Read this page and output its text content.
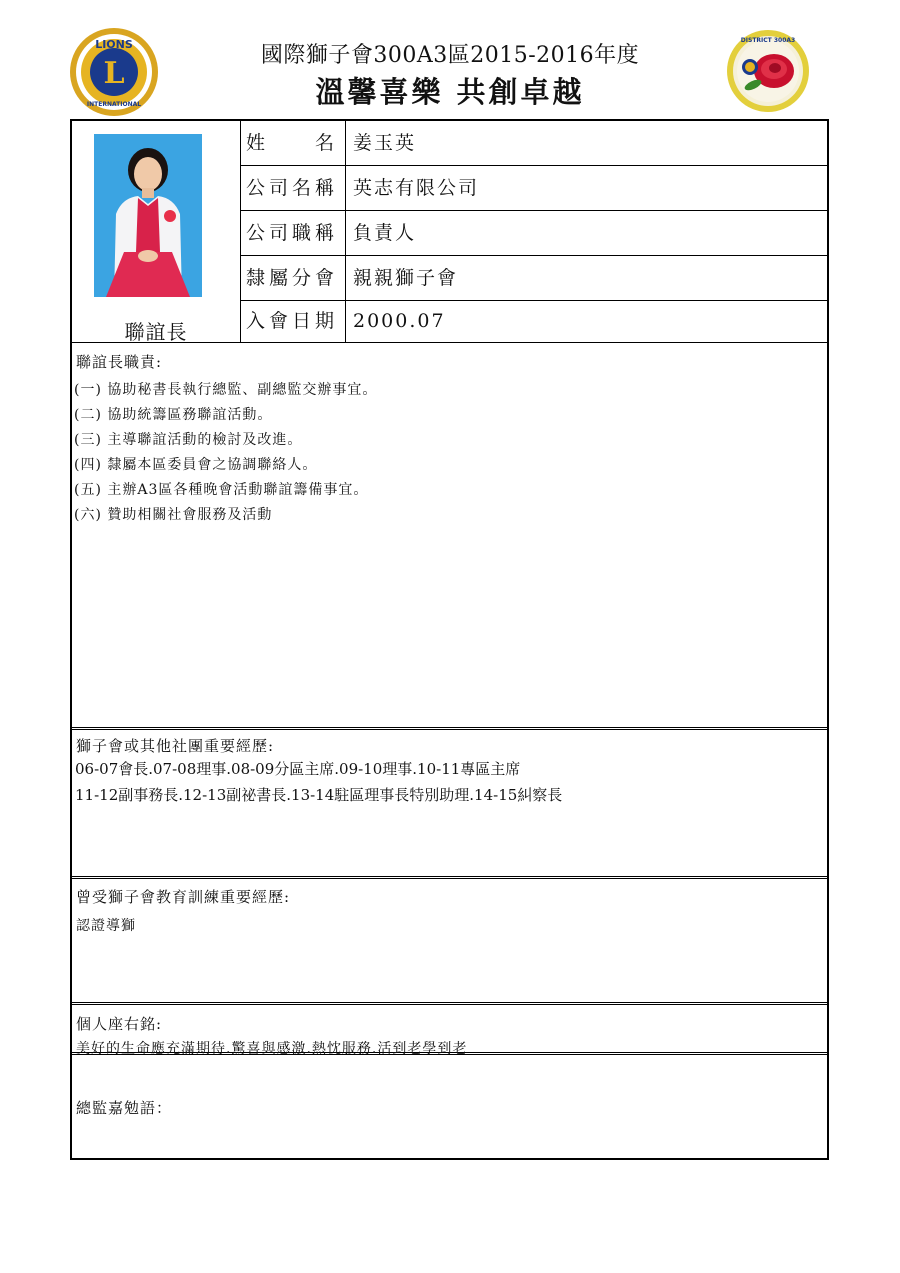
L
LIONS
INTERNATIONAL
國際獅子會300A3區2015-2016年度
溫馨喜樂 共創卓越
DISTRICT 300A3
聯誼長
姓　　名 姜玉英
公司名稱 英志有限公司
公司職稱 負責人
隸屬分會 親親獅子會
入會日期 2000.07
聯誼長職責:
(一) 協助秘書長執行總監、副總監交辦事宜。
(二) 協助統籌區務聯誼活動。
(三) 主導聯誼活動的檢討及改進。
(四) 隸屬本區委員會之協調聯絡人。
(五) 主辦A3區各種晚會活動聯誼籌備事宜。
(六) 贊助相關社會服務及活動
獅子會或其他社團重要經歷:
06-07會長.07-08理事.08-09分區主席.09-10理事.10-11專區主席
11-12副事務長.12-13副祕書長.13-14駐區理事長特別助理.14-15糾察長
曾受獅子會教育訓練重要經歷:
認證導獅
個人座右銘:
美好的生命應充滿期待.驚喜與感激.熱忱服務.活到老學到老
總監嘉勉語：
